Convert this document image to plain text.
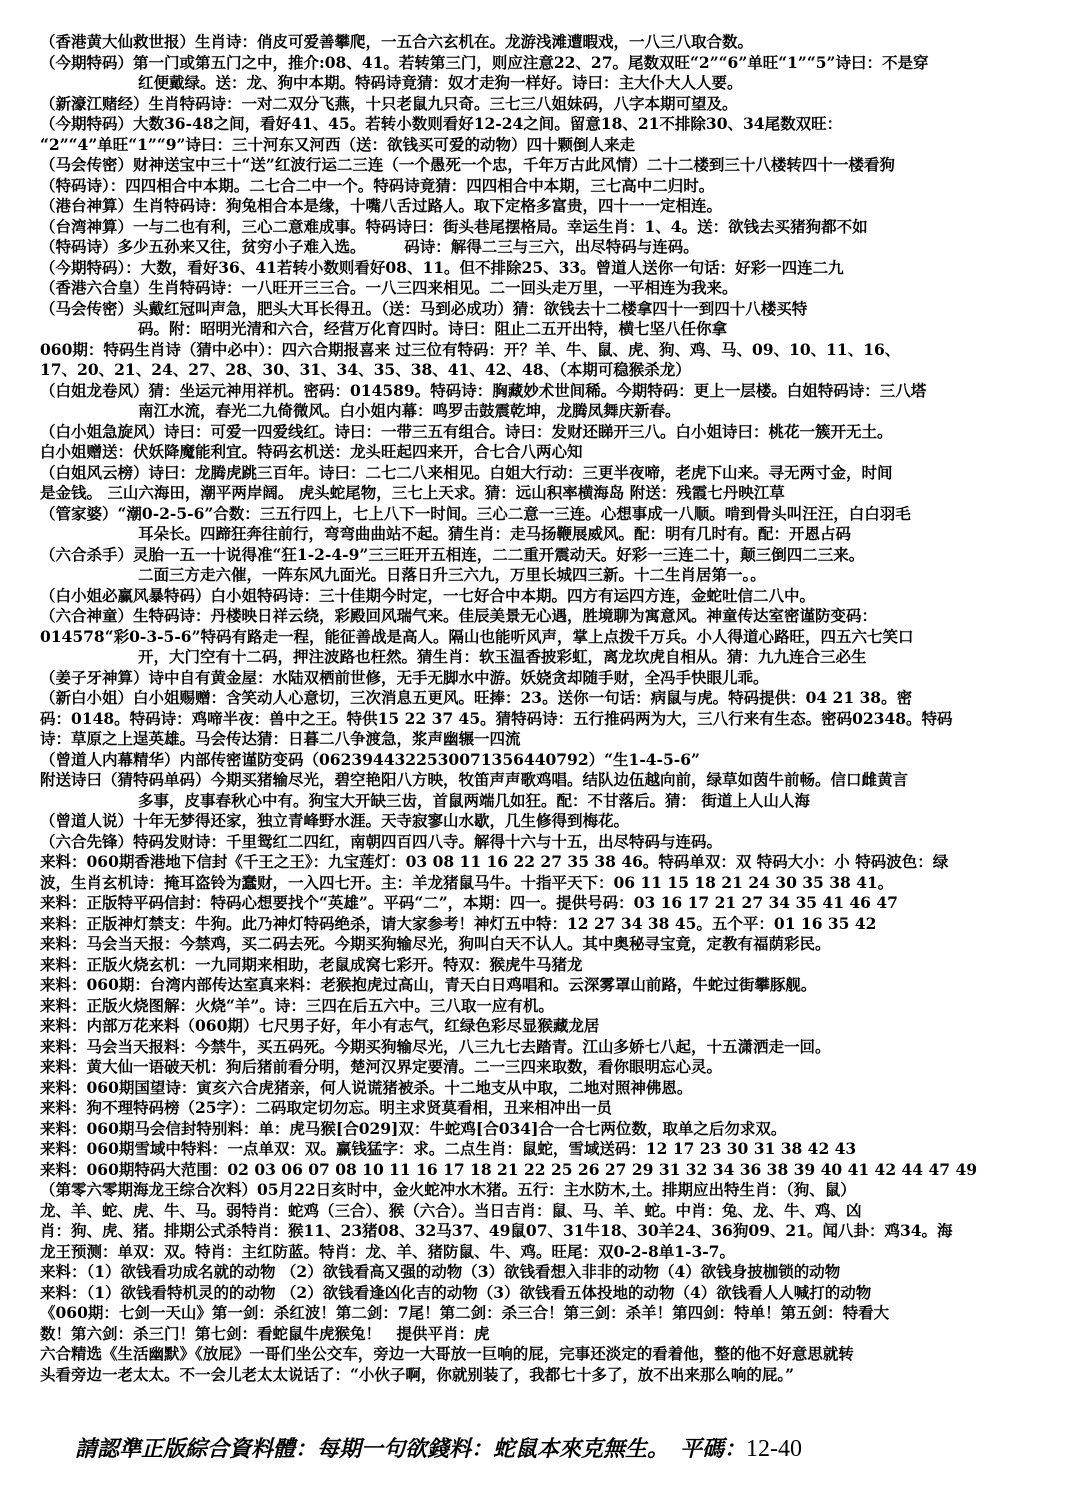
（香港黄大仙救世报）生肖诗：俏皮可爱善攀爬，一五合六玄机在。龙游浅滩遭暇戏，一八三八取合数。
（今期特码）第一门或第五门之中，推介:08、41。若转第三门，则应注意22、27。尾数双旺“2”“6”单旺“1”“5”诗曰：不是穿
红便戴绿。送：龙、狗中本期。特码诗竟猜：奴才走狗一样好。诗曰：主大仆大人人要。
（新濠江赌经）生肖特码诗：一对二双分飞燕，十只老鼠九只奇。三七三八姐妹码，八字本期可望及。
（今期特码）大数36-48之间，看好41、45。若转小数则看好12-24之间。留意18、21不排除30、34尾数双旺：
“2”“4”单旺“1”“9”诗曰：三十河东又河西（送：欲钱买可爱的动物）四十颗倒人来走
（马会传密）财神送宝中三十“送”红波行运二三连（一个愚死一个忠，千年万古此风情）二十二楼到三十八楼转四十一楼看狗
（特码诗）：四四相合中本期。二七合二中一个。特码诗竟猜：四四相合中本期，三七高中二归时。
（港台神算）生肖特码诗：狗兔相合本是缘，十嘴八舌过路人。取下定格多富贵，四十一一定相连。
（台湾神算）一与二也有利，三心二意难成事。特码诗曰：街头巷尾摆格局。幸运生肖：1、4。送：欲钱去买猪狗都不如
（特码诗）多少五孙来又往，贫穷小子难入选。　　　码诗：解得二三与三六，出尽特码与连码。
（今期特码）：大数，看好36、41若转小数则看好08、11。但不排除25、33。曾道人送你一句话：好彩一四连二九
（香港六合皇）生肖特码诗：一八旺开三三合。一八三四来相见。二一回头走万里，一平相连为我来。
（马会传密）头戴红冠叫声急，肥头大耳长得丑。（送：马到必成功）猜：欲钱去十二楼拿四十一到四十八楼买特
码。附：昭明光清和六合，经营万化育四时。诗曰：阻止二五开出特，横七坚八任你拿
060期：特码生肖诗（猜中必中）：四六合期报喜来 过三位有特码：开？羊、牛、鼠、虎、狗、鸡、马、09、10、11、16、
17、20、21、24、27、28、30、31、34、35、38、41、42、48、（本期可稳猴杀龙）
（白姐龙卷风）猜：坐运元神用祥机。密码：014589。特码诗：胸藏妙术世间稀。今期特码：更上一层楼。白姐特码诗：三八塔
南江水流，春光二九倚微风。白小姐内幕：鸣罗击鼓震乾坤，龙腾凤舞庆新春。
（白小姐急旋风）诗曰：可爱一四爱线红。诗曰：一带三五有组合。诗曰：发财还睇开三八。白小姐诗曰：桃花一簇开无土。
白小姐赠送：伏妖降魔能利宜。特码玄机送：龙头旺起四来开，合七合八两心知
（白姐风云榜）诗曰：龙腾虎跳三百年。诗曰：二七二八来相见。白姐大行动：三更半夜啼，老虎下山来。寻无两寸金，时间
是金钱。 三山六海田，潮平两岸阔。 虎头蛇尾物，三七上天求。猜：远山积率横海岛 附送：残霞七丹映江草
（管家婆）“潮0-2-5-6”合数：三五行四上，七上八下一时间。三心二意一三连。心想事成一八顺。啃到骨头叫汪汪，白白羽毛
耳朵长。四蹄狂奔往前行，弯弯曲曲站不起。猜生肖：走马扬鞭展威风。配：明有几时有。配：开恩占码
（六合杀手）灵胎一五一十说得准“狂1-2-4-9”三三旺开五相连，二二重开震动天。好彩一三连二十，颠三倒四二三来。
二面三方走六催，一阵东风九面光。日落日升三六九，万里长城四三新。十二生肖居第一。。
（白小姐必赢风暴特码）白小姐特码诗：三十佳期今时定，一七好合中本期。四方有运四方连，金蛇吐信二八中。
（六合神童）生特码诗：丹楼映日祥云绕，彩殿回风瑞气来。佳辰美景无心遇，胜境聊为寓意风。神童传达室密谨防变码：
014578“彩0-3-5-6”特码有路走一程，能征善战是高人。隔山也能听风声，掌上点拨千万兵。小人得道心路旺，四五六七笑口
开，大门空有十二码，押注波路也枉然。猜生肖：软玉温香披彩虹，离龙坎虎自相从。猜：九九连合三必生
（姜子牙神算）诗中自有黄金屋：水陆双栖前世修，无手无脚水中游。妖娆贪却随手财，全冯手快眼儿乖。
（新白小姐）白小姐赐赠：含笑动人心意切，三次消息五更风。旺捧：23。送你一句话：病鼠与虎。特码提供：04 21 38。密
码：0148。特码诗：鸡啼半夜：兽中之王。特供15 22 37 45。猜特码诗：五行推码两为大，三八行来有生态。密码02348。特码
诗：草原之上逞英雄。马会传达猜：日暮二八争渡急，浆声幽辗一四流
（曾道人内幕精华）内部传密谨防变码（0623944322530071356440792）“生1-4-5-6”
附送诗曰（猜特码单码）今期买猪输尽光，碧空艳阳八方映，牧笛声声歌鸡唱。结队边伍越向前，绿草如茵牛前畅。信口雌黄言
多事，皮事春秋心中有。狗宝大开缺三齿，首鼠两端几如狂。配：不甘落后。猜： 街道上人山人海
（曾道人说）十年无梦得还家，独立青峰野水涯。天寺寂寥山水歇，几生修得到梅花。
（六合先锋）特码发财诗：千里鸳红二四红，南朝四百四八寺。解得十六与十五，出尽特码与连码。
来料：060期香港地下信封《千王之王》：九宝莲灯：03 08 11 16 22 27 35 38 46。特码单双：双 特码大小：小 特码波色：绿
波，生肖玄机诗：掩耳盗铃为蠢财，一入四七开。主：羊龙猪鼠马牛。十指平天下：06 11 15 18 21 24 30 35 38 41。
来料：正版特平码信封：特码心想要找个“英雄”。平码“二”，本期：四一。提供号码：03 16 17 21 27 34 35 41 46 47
来料：正版神灯禁支：牛狗。此乃神灯特码绝杀，请大家参考！神灯五中特：12 27 34 38 45。五个平：01 16 35 42
来料：马会当天报：今禁鸡，买二码去死。今期买狗输尽光，狗叫白天不认人。其中奥秘寻宝竟，定教有福荫彩民。
来料：正版火烧玄机：一九同期来相助，老鼠成窝七彩开。特双：猴虎牛马猪龙
来料：060期：台湾内部传达室真来料：老猴抱虎过高山，青天白日鸡唱和。云深雾罩山前路，牛蛇过街攀豚舰。
来料：正版火烧图解：火烧“羊”。诗：三四在后五六中。三八取一应有机。
来料：内部万花来料（060期）七尺男子好，年小有志气，红绿色彩尽显猴藏龙居
来料：马会当天报料：今禁牛，买五码死。今期买狗输尽光，八三九七去踏青。江山多娇七八起，十五潇洒走一回。
来料：黄大仙一语破天机：狗后猪前看分明，楚河汉界定要清。二一三四来取数，看你眼明忘心灵。
来料：060期国望诗：寅亥六合虎猪亲，何人说谎猪被杀。十二地支从中取，二地对照神佛恩。
来料：狗不理特码榜（25字）：二码取定切勿忘。明主求贤莫看相，丑来相冲出一员
来料：060期马会信封特别料：单：虎马猴[合029]双：牛蛇鸡[合034]合一合七两位数，取单之后勿求双。
来料：060期雪域中特料：一点单双：双。赢钱猛字：求。二点生肖：鼠蛇，雪域送码：12 17 23 30 31 38 42 43
来料：060期特码大范围：02 03 06 07 08 10 11 16 17 18 21 22 25 26 27 29 31 32 34 36 38 39 40 41 42 44 47 49
（第零六零期海龙王综合次料）05月22日亥时中，金火蛇冲水木猪。五行：主水防木,土。排期应出特生肖：（狗、鼠）
龙、羊、蛇、虎、牛、马。弱特肖：蛇鸡（三合）、猴（六合）。当日吉肖：鼠、马、羊、蛇。中肖：兔、龙、牛、鸡、凶
肖：狗、虎、猪。排期公式杀特肖：猴11、23猪08、32马37、49鼠07、31牛18、30羊24、36狗09、21。闻八卦：鸡34。海
龙王预测：单双：双。特肖：主红防蓝。特肖：龙、羊、猪防鼠、牛、鸡。旺尾：双0-2-8单1-3-7。
来料：（1）欲钱看功成名就的动物 （2）欲钱看高又强的动物（3）欲钱看想入非非的动物（4）欲钱身披枷锁的动物
来料：（1）欲钱看特机灵的的动物 （2）欲钱看逢凶化吉的动物（3）欲钱看五体投地的动物（4）欲钱看人人喊打的动物
《060期：七剑一天山》第一剑：杀红波！第二剑：7尾！第二剑：杀三合！第三剑：杀羊！第四剑：特单！第五剑：特看大
数！第六剑：杀三门！第七剑：看蛇鼠牛虎猴兔！　提供平肖：虎
六合精选《生活幽默》《放屁》一哥们坐公交车，旁边一大哥放一巨响的屁，完事还淡定的看着他，整的他不好意思就转
头看旁边一老太太。不一会儿老太太说话了：“小伙子啊，你就别装了，我都七十多了，放不出来那么响的屁。”
請認準正版綜合資料體：每期一句欲錢料：蛇鼠本來克無生。　平碼：12-40
